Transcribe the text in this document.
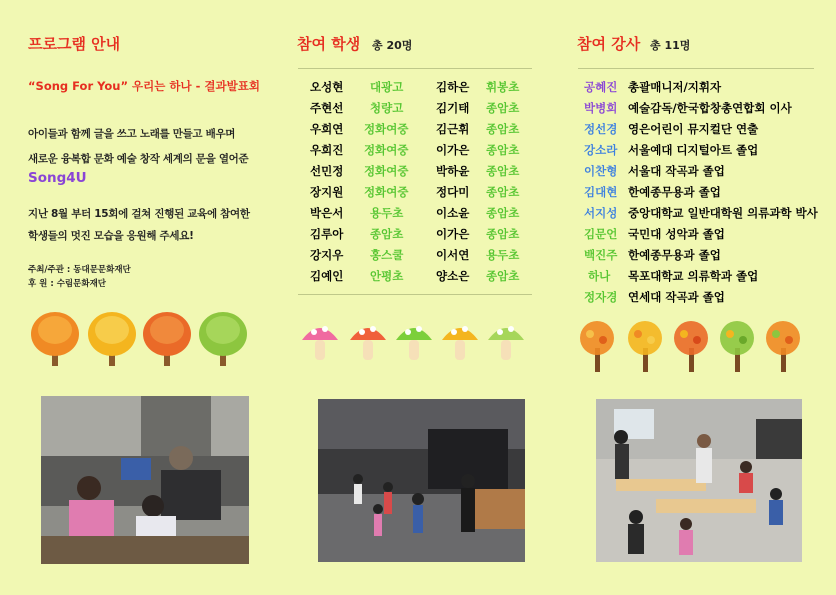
프로그램 안내
“Song For You” 우리는 하나 - 결과발표회
아이들과 함께 글을 쓰고 노래를 만들고 배우며
새로운 융복합 문화 예술 창작 세계의 문을 열어준
Song4U
지난 8월 부터 15회에 걸쳐 진행된 교육에 참여한
학생들의 멋진 모습을 응원해 주세요!
주최/주관 : 동대문문화재단
후 원 : 수림문화재단
참여 학생 총 20명
오성현 대광고	김하은 휘봉초
주현선 청량고	김기태 종암초
우희연 정화여중 김근휘 종암초
우희진 정화여중 이가은 종암초
선민정 정화여중 박하윤 종암초
장지원 정화여중 정다미 종암초
박은서 용두초	이소윤 종암초
김루아 종암초	이가은 종암초
강지우 홍스쿨	이서연 용두초
김예인 안평초	양소은 종암초
참여 강사 총 11명
공혜진 총괄매니저/지휘자
박병희 예술감독/한국합창총연합회 이사
정선경 영은어린이 뮤지컬단 연출
강소라 서울예대 디지털아트 졸업
이찬형 서울대 작곡과 졸업
김대현 한예종무용과 졸업
서지성 중앙대학교 일반대학원 의류과학 박사
김문언 국민대 성악과 졸업
백진주 한예종무용과 졸업
하나 목포대학교 의류학과 졸업
정자경 연세대 작곡과 졸업
